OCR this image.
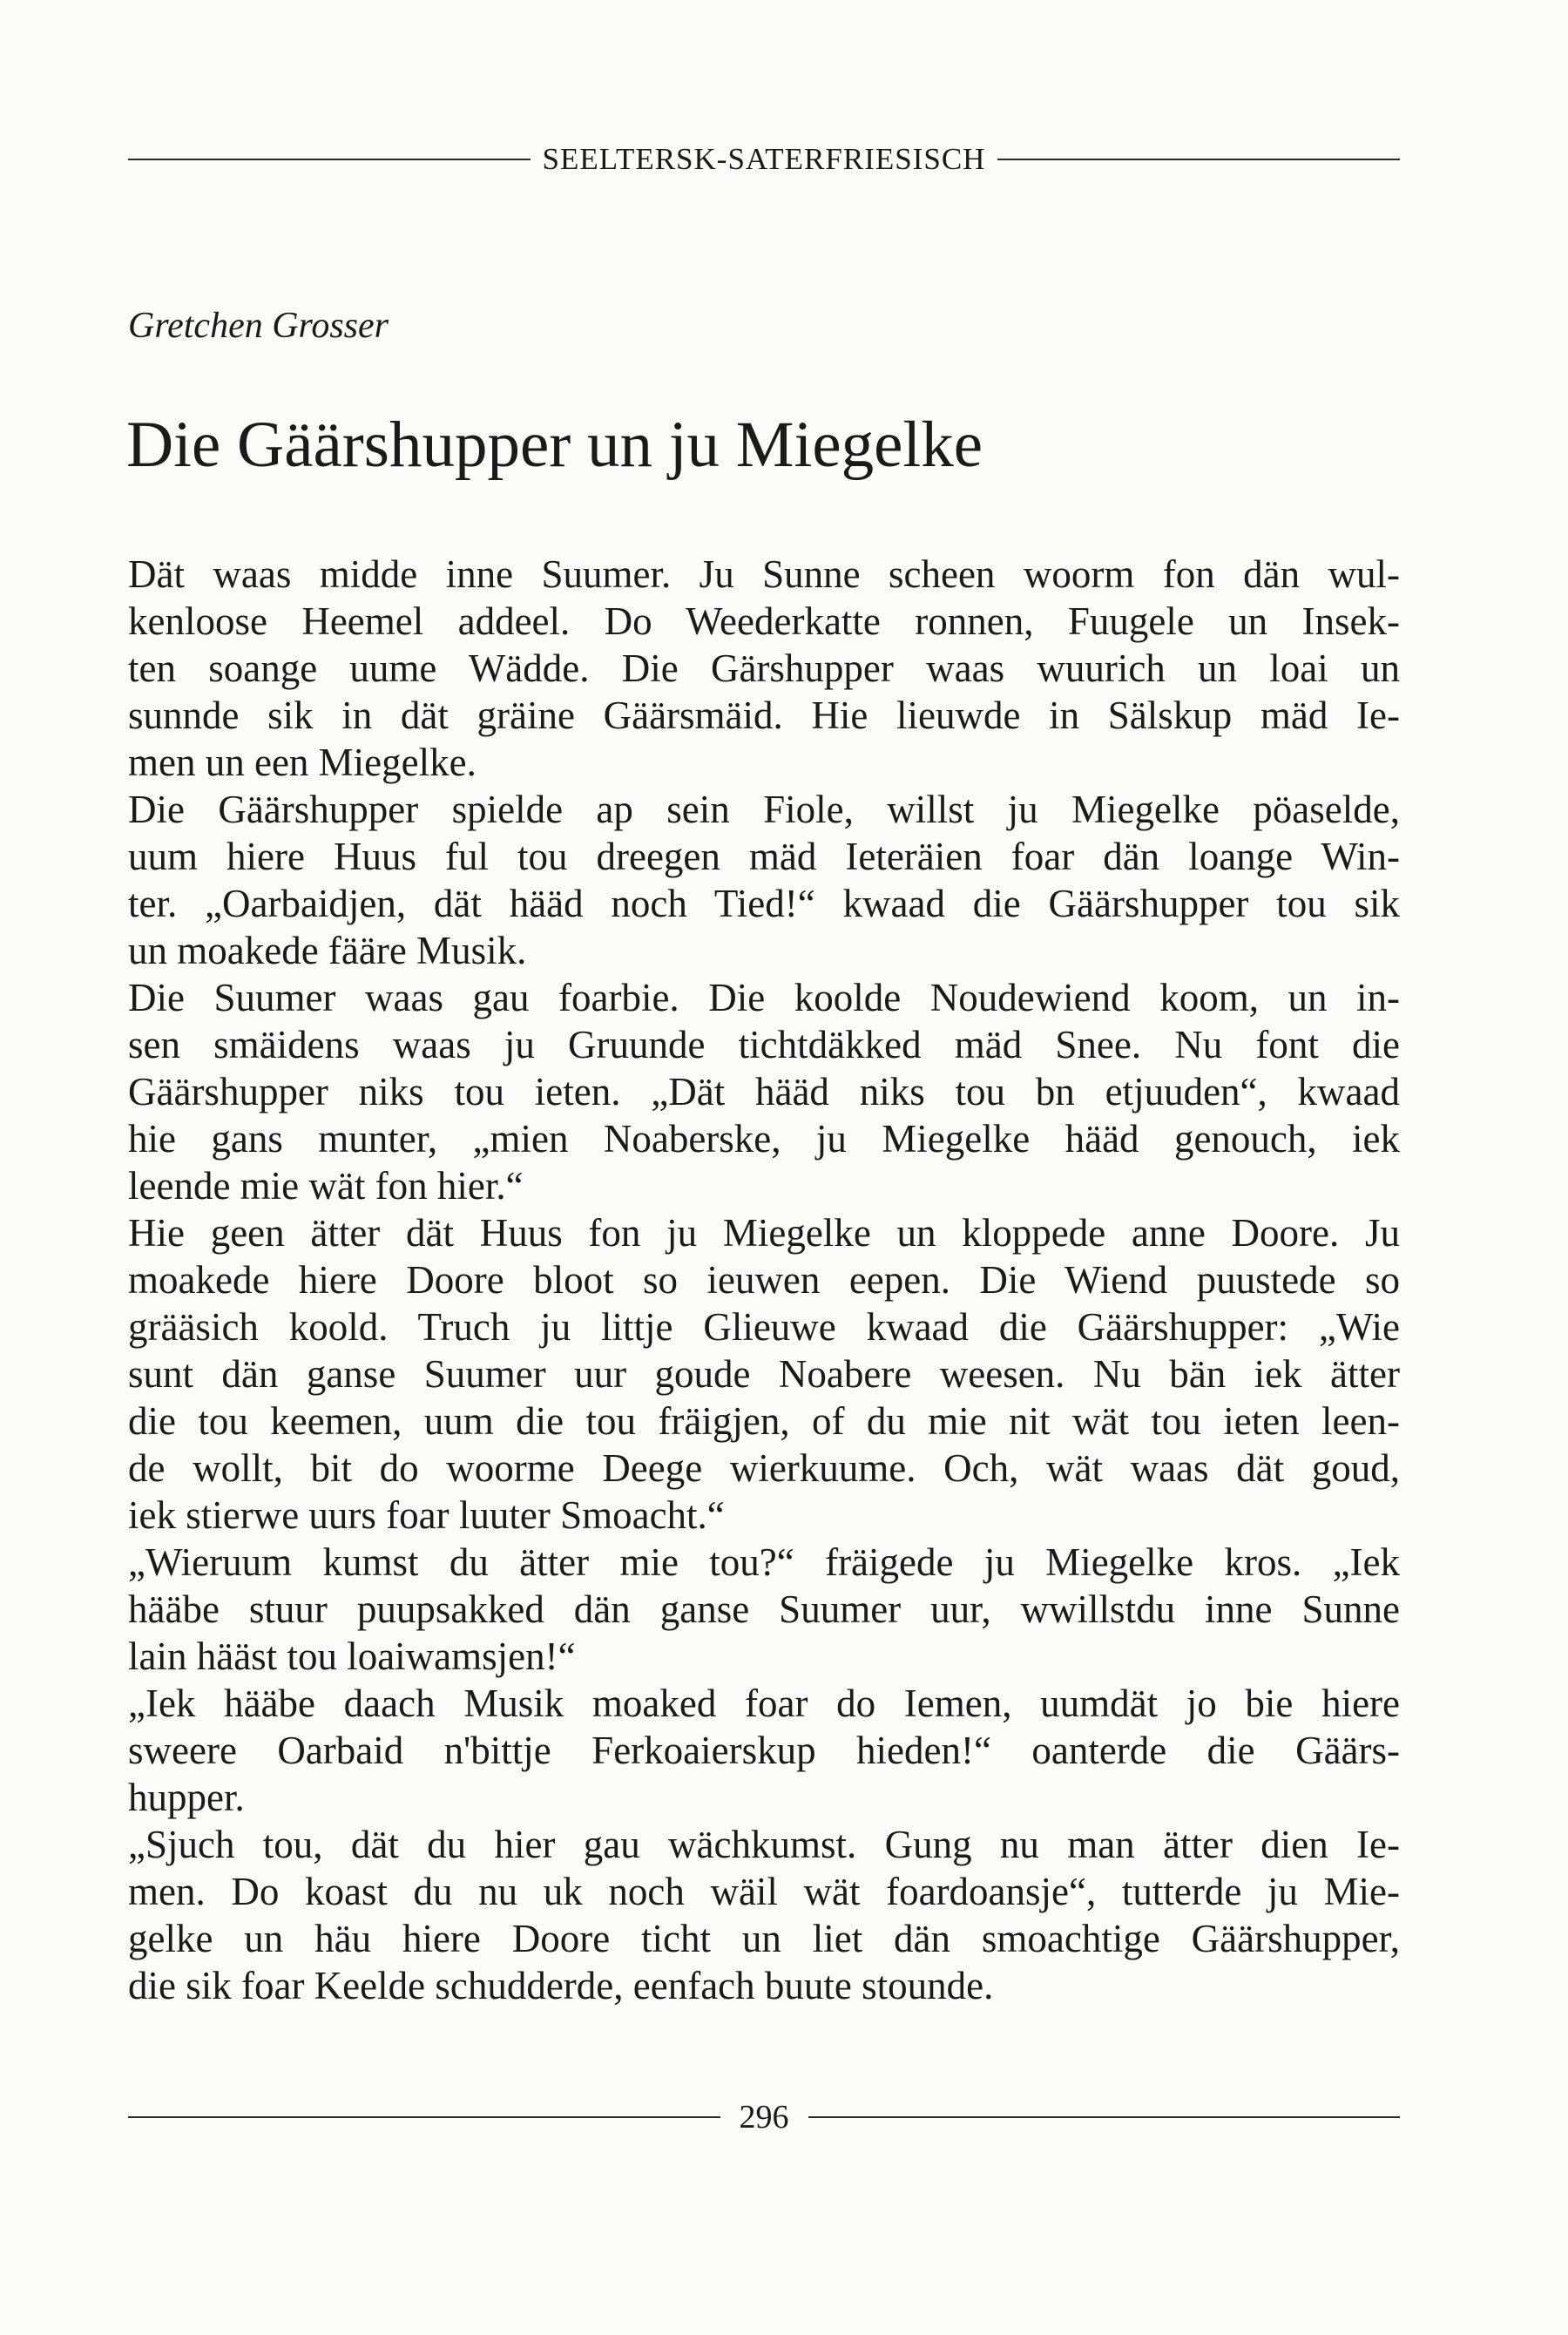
SEELTERSK-SATERFRIESISCH
Gretchen Grosser
Die Gäärshupper un ju Miegelke

Dät waas midde inne Suumer. Ju Sunne scheen woorm fon dän wul-
kenloose Heemel addeel. Do Weederkatte ronnen, Fuugele un Insek-
ten soange uume Wädde. Die Gärshupper waas wuurich un loai un
sunnde sik in dät gräine Gäärsmäid. Hie lieuwde in Sälskup mäd Ie-
men un een Miegelke.

Die Gäärshupper spielde ap sein Fiole, willst ju Miegelke pöaselde,
uum hiere Huus ful tou dreegen mäd Ieteräien foar dän loange Win-
ter. „Oarbaidjen, dät hääd noch Tied!“ kwaad die Gäärshupper tou sik
un moakede fääre Musik.

Die Suumer waas gau foarbie. Die koolde Noudewiend koom, un in-
sen smäidens waas ju Gruunde tichtdäkked mäd Snee. Nu font die
Gäärshupper niks tou ieten. „Dät hääd niks tou bn etjuuden“, kwaad
hie gans munter, „mien Noaberske, ju Miegelke hääd genouch, iek
leende mie wät fon hier.“

Hie geen ätter dät Huus fon ju Miegelke un kloppede anne Doore. Ju
moakede hiere Doore bloot so ieuwen eepen. Die Wiend puustede so
grääsich koold. Truch ju littje Glieuwe kwaad die Gäärshupper: „Wie
sunt dän ganse Suumer uur goude Noabere weesen. Nu bän iek ätter
die tou keemen, uum die tou fräigjen, of du mie nit wät tou ieten leen-
de wollt, bit do woorme Deege wierkuume. Och, wät waas dät goud,
iek stierwe uurs foar luuter Smoacht.“

„Wieruum kumst du ätter mie tou?“ fräigede ju Miegelke kros. „Iek
hääbe stuur puupsakked dän ganse Suumer uur, wwillstdu inne Sunne
lain hääst tou loaiwamsjen!“

„Iek hääbe daach Musik moaked foar do Iemen, uumdät jo bie hiere
sweere Oarbaid n'bittje Ferkoaierskup hieden!“ oanterde die Gäärs-
hupper.

„Sjuch tou, dät du hier gau wächkumst. Gung nu man ätter dien Ie-
men. Do koast du nu uk noch wäil wät foardoansje“, tutterde ju Mie-
gelke un häu hiere Doore ticht un liet dän smoachtige Gäärshupper,
die sik foar Keelde schudderde, eenfach buute stounde.

296
